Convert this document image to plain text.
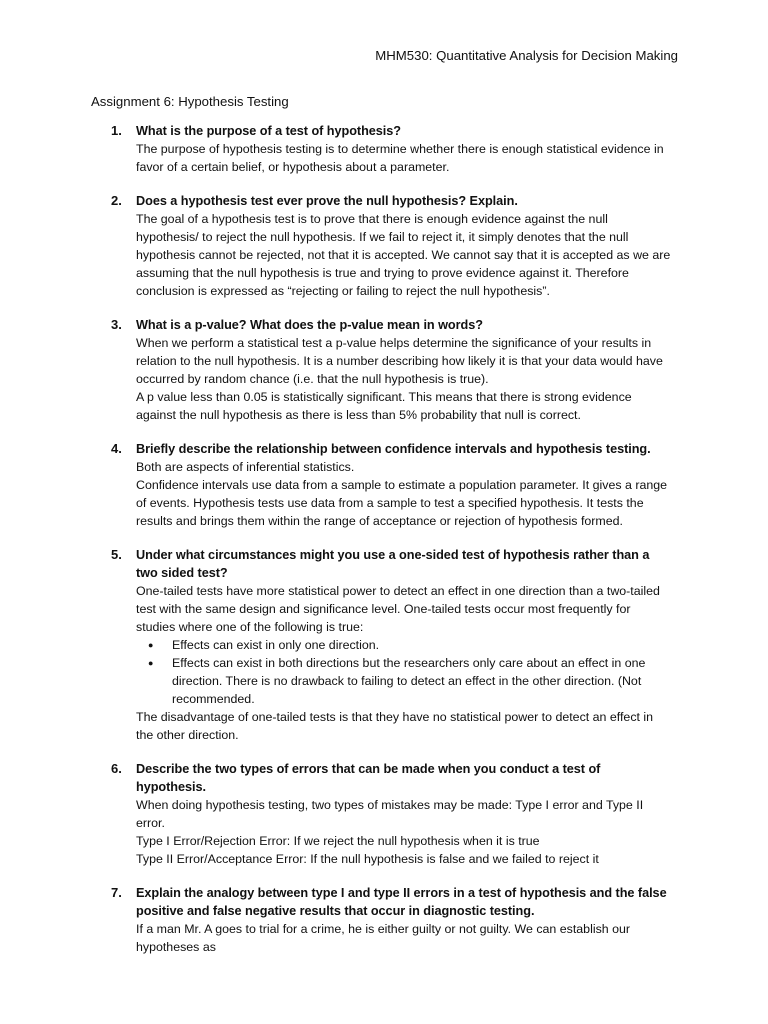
MHM530: Quantitative Analysis for Decision Making
Assignment 6: Hypothesis Testing
1. What is the purpose of a test of hypothesis?

The purpose of hypothesis testing is to determine whether there is enough statistical evidence in favor of a certain belief, or hypothesis about a parameter.

2. Does a hypothesis test ever prove the null hypothesis? Explain.

The goal of a hypothesis test is to prove that there is enough evidence against the null hypothesis/ to reject the null hypothesis. If we fail to reject it, it simply denotes that the null hypothesis cannot be rejected, not that it is accepted. We cannot say that it is accepted as we are assuming that the null hypothesis is true and trying to prove evidence against it. Therefore conclusion is expressed as “rejecting or failing to reject the null hypothesis”.

3. What is a p-value? What does the p-value mean in words?

When we perform a statistical test a p-value helps determine the significance of your results in relation to the null hypothesis. It is a number describing how likely it is that your data would have occurred by random chance (i.e. that the null hypothesis is true).

A p value less than 0.05 is statistically significant. This means that there is strong evidence against the null hypothesis as there is less than 5% probability that null is correct.

4. Briefly describe the relationship between confidence intervals and hypothesis testing.

Both are aspects of inferential statistics.

Confidence intervals use data from a sample to estimate a population parameter. It gives a range of events. Hypothesis tests use data from a sample to test a specified hypothesis. It tests the results and brings them within the range of acceptance or rejection of hypothesis formed.

5. Under what circumstances might you use a one-sided test of hypothesis rather than a two sided test?

One-tailed tests have more statistical power to detect an effect in one direction than a two-tailed test with the same design and significance level. One-tailed tests occur most frequently for studies where one of the following is true:

● Effects can exist in only one direction.
● Effects can exist in both directions but the researchers only care about an effect in one direction. There is no drawback to failing to detect an effect in the other direction. (Not recommended.

The disadvantage of one-tailed tests is that they have no statistical power to detect an effect in the other direction.

6. Describe the two types of errors that can be made when you conduct a test of hypothesis.

When doing hypothesis testing, two types of mistakes may be made: Type I error and Type II error.

Type I Error/Rejection Error: If we reject the null hypothesis when it is true

Type II Error/Acceptance Error: If the null hypothesis is false and we failed to reject it

7. Explain the analogy between type I and type II errors in a test of hypothesis and the false positive and false negative results that occur in diagnostic testing.

If a man Mr. A goes to trial for a crime, he is either guilty or not guilty. We can establish our hypotheses as
